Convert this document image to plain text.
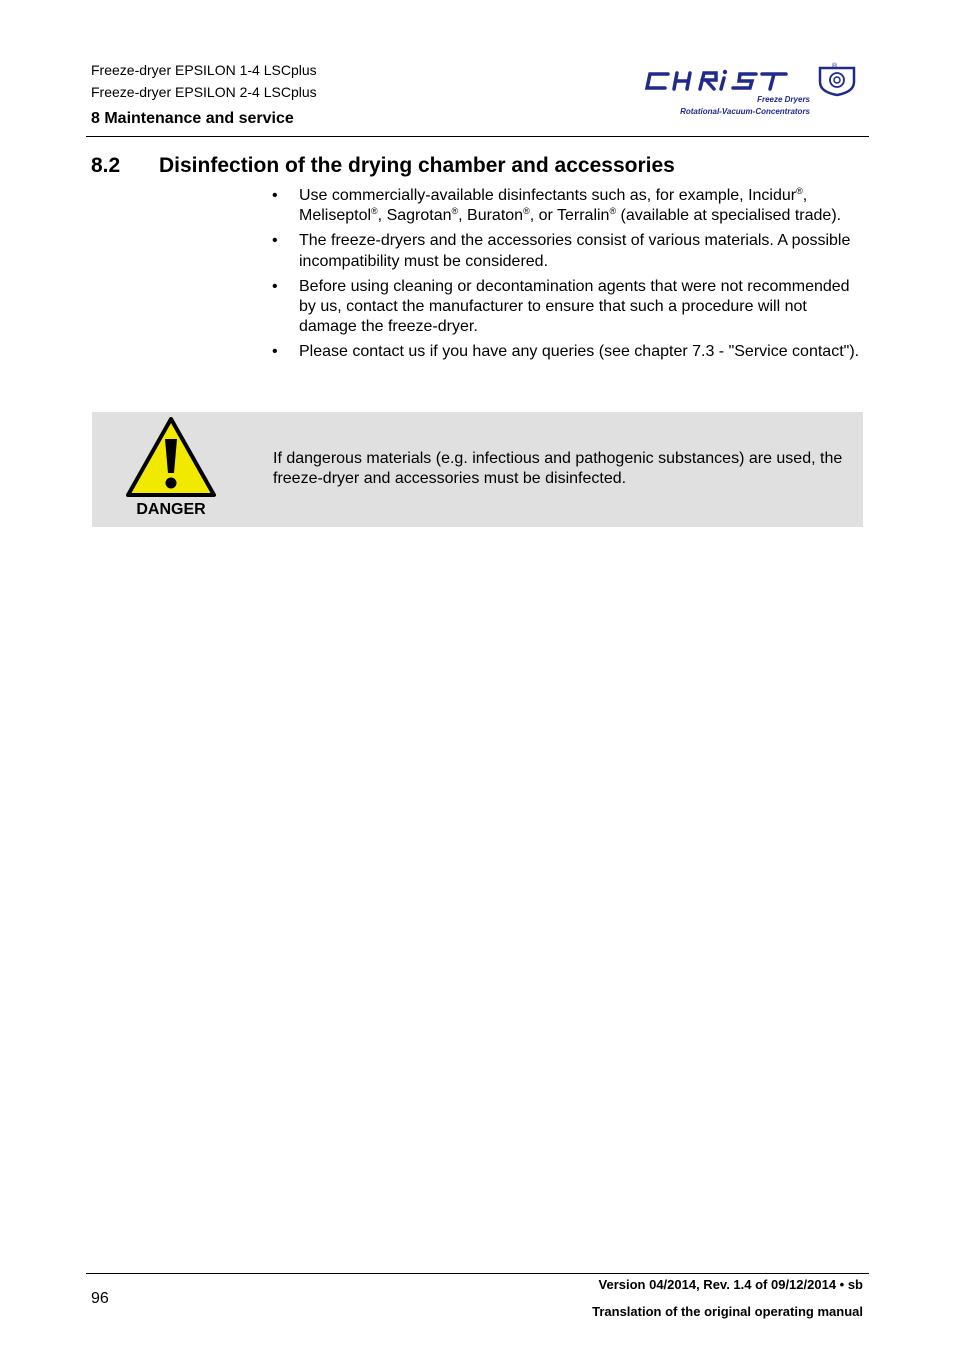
Freeze-dryer EPSILON 1-4 LSCplus
Freeze-dryer EPSILON 2-4 LSCplus
8 Maintenance and service
®
Freeze Dryers
Rotational-Vacuum-Concentrators
8.2 Disinfection of the drying chamber and accessories
• Use commercially-available disinfectants such as, for example, Incidur®, Meliseptol®, Sagrotan®, Buraton®, or Terralin® (available at specialised trade).
• The freeze-dryers and the accessories consist of various materials. A possible incompatibility must be considered.
• Before using cleaning or decontamination agents that were not recommended by us, contact the manufacturer to ensure that such a procedure will not damage the freeze-dryer.
• Please contact us if you have any queries (see chapter 7.3 - "Service contact").
DANGER
If dangerous materials (e.g. infectious and pathogenic substances) are used, the freeze-dryer and accessories must be disinfected.
96
Version 04/2014, Rev. 1.4 of 09/12/2014 • sb
Translation of the original operating manual
